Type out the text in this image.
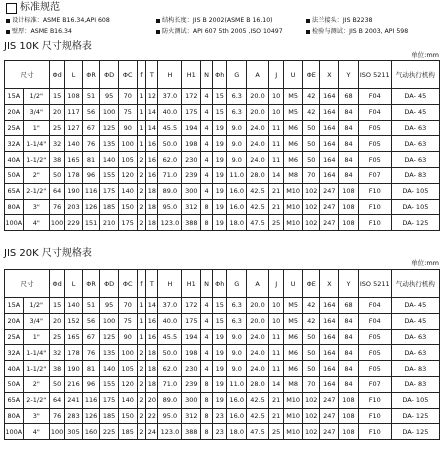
标准规范
设计标准：ASME B16.34,API 608	结构长度：JIS B 2002(ASME B 16.10)	法兰接头：JIS B2238
壁厚：ASME B16.34	防火测试：API 607 5th 2005 ,ISO 10497	检验与测试：JIS B 2003, API 598
JIS 10K 尺寸规格表
单位:mm
尺寸		Φd	L	ΦR	ΦD	ΦC	f	T	H	H1	N	Φh	G	A	J	U	ΦE	X	Y	ISO 5211	气动执行机构
15A	1/2"	15	108	51	95	70	1	12	37.0	172	4	15	6.3	20.0	10	M5	42	164	68	F04	DA- 45
20A	3/4"	20	117	56	100	75	1	14	40.0	175	4	15	6.3	20.0	10	M5	42	164	84	F04	DA- 45
25A	1"	25	127	67	125	90	1	14	45.5	194	4	19	9.0	24.0	11	M6	50	164	84	F05	DA- 63
32A	1-1/4"	32	140	76	135	100	1	16	50.0	198	4	19	9.0	24.0	11	M6	50	164	84	F05	DA- 63
40A	1-1/2"	38	165	81	140	105	2	16	62.0	230	4	19	9.0	24.0	11	M6	50	164	84	F05	DA- 63
50A	2"	50	178	96	155	120	2	16	71.0	239	4	19	11.0	28.0	14	M8	70	164	84	F07	DA- 83
65A	2-1/2"	64	190	116	175	140	2	18	89.0	300	4	19	16.0	42.5	21	M10	102	247	108	F10	DA- 105
80A	3"	76	203	126	185	150	2	18	95.0	312	8	19	16.0	42.5	21	M10	102	247	108	F10	DA- 105
100A	4"	100	229	151	210	175	2	18	123.0	388	8	19	18.0	47.5	25	M10	102	247	108	F10	DA- 125
JIS 20K 尺寸规格表
单位:mm
尺寸		Φd	L	ΦR	ΦD	ΦC	f	T	H	H1	N	Φh	G	A	J	U	ΦE	X	Y	ISO 5211	气动执行机构
15A	1/2"	15	140	51	95	70	1	14	37.0	172	4	15	6.3	20.0	10	M5	42	164	68	F04	DA- 45
20A	3/4"	20	152	56	100	75	1	16	40.0	175	4	15	6.3	20.0	10	M5	42	164	84	F04	DA- 45
25A	1"	25	165	67	125	90	1	16	45.5	194	4	19	9.0	24.0	11	M6	50	164	84	F05	DA- 63
32A	1-1/4"	32	178	76	135	100	2	18	50.0	198	4	19	9.0	24.0	11	M6	50	164	84	F05	DA- 63
40A	1-1/2"	38	190	81	140	105	2	18	62.0	230	4	19	9.0	24.0	11	M6	50	164	84	F05	DA- 83
50A	2"	50	216	96	155	120	2	18	71.0	239	8	19	11.0	28.0	14	M8	70	164	84	F07	DA- 83
65A	2-1/2"	64	241	116	175	140	2	20	89.0	300	8	19	16.0	42.5	21	M10	102	247	108	F10	DA- 105
80A	3"	76	283	126	185	150	2	22	95.0	312	8	23	16.0	42.5	21	M10	102	247	108	F10	DA- 125
100A	4"	100	305	160	225	185	2	24	123.0	388	8	23	18.0	47.5	25	M10	102	247	108	F10	DA- 125
